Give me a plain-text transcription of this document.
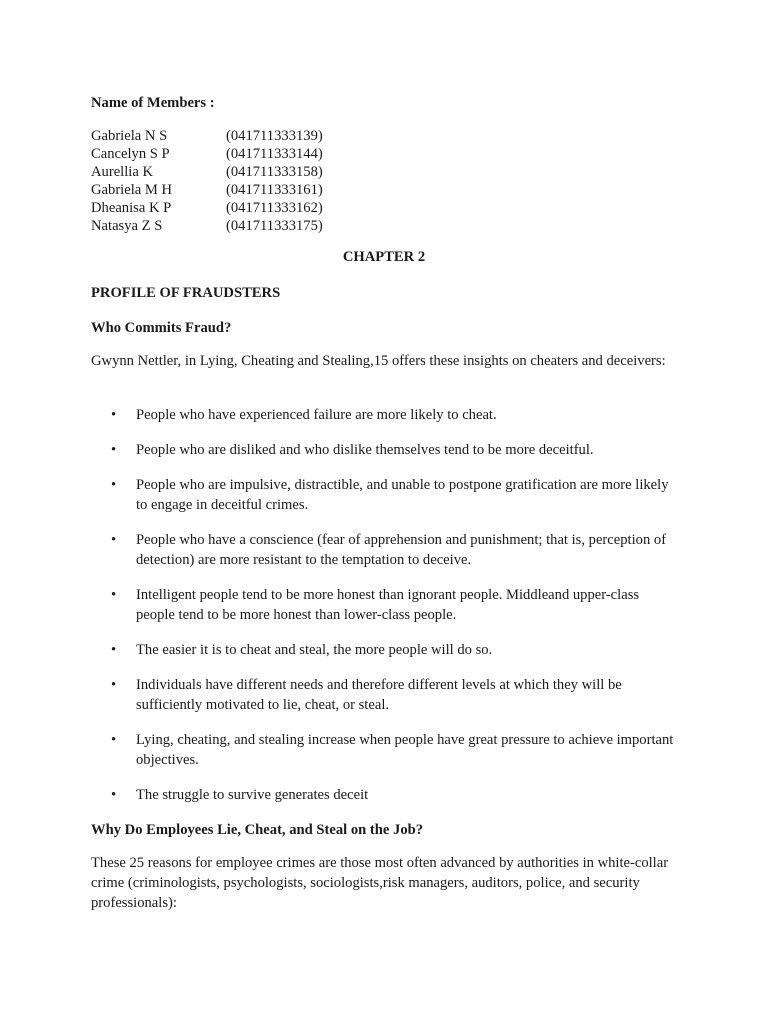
Name of Members :
Gabriela N S	(041711333139)
Cancelyn S P	(041711333144)
Aurellia K	(041711333158)
Gabriela M H	(041711333161)
Dheanisa K P	(041711333162)
Natasya Z S	(041711333175)
CHAPTER 2
PROFILE OF FRAUDSTERS
Who Commits Fraud?

Gwynn Nettler, in Lying, Cheating and Stealing,15 offers these insights on cheaters and deceivers:

• People who have experienced failure are more likely to cheat.
• People who are disliked and who dislike themselves tend to be more deceitful.
• People who are impulsive, distractible, and unable to postpone gratification are more likely to engage in deceitful crimes.
• People who have a conscience (fear of apprehension and punishment; that is, perception of detection) are more resistant to the temptation to deceive.
• Intelligent people tend to be more honest than ignorant people. Middleand upper-class people tend to be more honest than lower-class people.
• The easier it is to cheat and steal, the more people will do so.
• Individuals have different needs and therefore different levels at which they will be sufficiently motivated to lie, cheat, or steal.
• Lying, cheating, and stealing increase when people have great pressure to achieve important objectives.
• The struggle to survive generates deceit
Why Do Employees Lie, Cheat, and Steal on the Job?

These 25 reasons for employee crimes are those most often advanced by authorities in white-collar crime (criminologists, psychologists, sociologists,risk managers, auditors, police, and security professionals):
